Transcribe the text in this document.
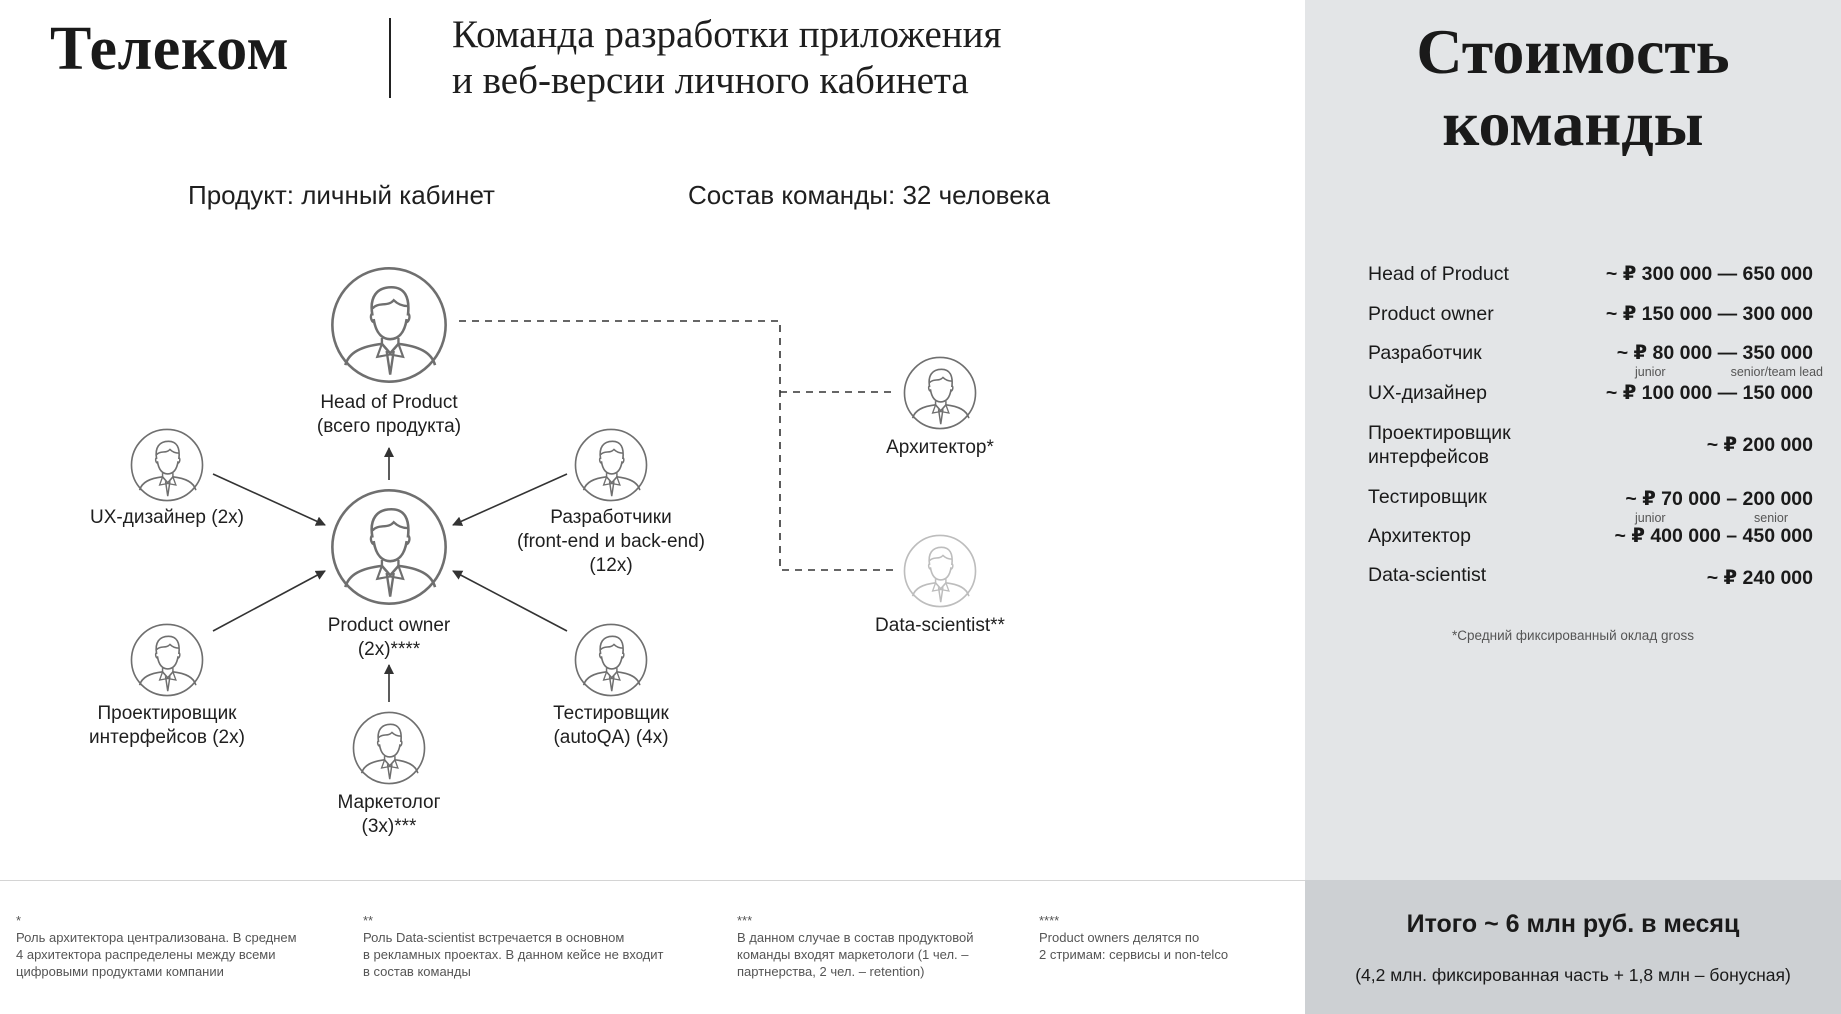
Телеком	Команда разработки приложения
и веб-версии личного кабинета
Продукт: личный кабинет	Состав команды: 32 человека
Head of Product
(всего продукта)
Product owner
(2x)****
UX-дизайнер (2x)	Разработчики
(front-end и back-end)
(12x)
Проектировщик
интерфейсов (2x)
Тестировщик
(autoQA) (4x)
Маркетолог
(3x)***
Архитектор*
Data-scientist**
Стоимость
команды
Head of Product	~ ₽ 300 000 — 650 000
Product owner	~ ₽ 150 000 — 300 000
Разработчик	~ ₽ 80 000 — 350 000
junior	senior/team lead
UX-дизайнер	~ ₽ 100 000 — 150 000
Проектировщик
интерфейсов
~ ₽ 200 000
Тестировщик	~ ₽ 70 000 – 200 000
junior	senior
Архитектор	~ ₽ 400 000 – 450 000
Data-scientist	~ ₽ 240 000
*Средний фиксированный оклад gross
Итого ~ 6 млн руб. в месяц
(4,2 млн. фиксированная часть + 1,8 млн – бонусная)
*
Роль архитектора централизована. В среднем
4 архитектора распределены между всеми
цифровыми продуктами компании
**
Роль Data-scientist встречается в основном
в рекламных проектах. В данном кейсе не входит
в состав команды
***
В данном случае в состав продуктовой
команды входят маркетологи (1 чел. –
партнерства, 2 чел. – retention)
****
Product owners делятся по
2 стримам: сервисы и non-telco
